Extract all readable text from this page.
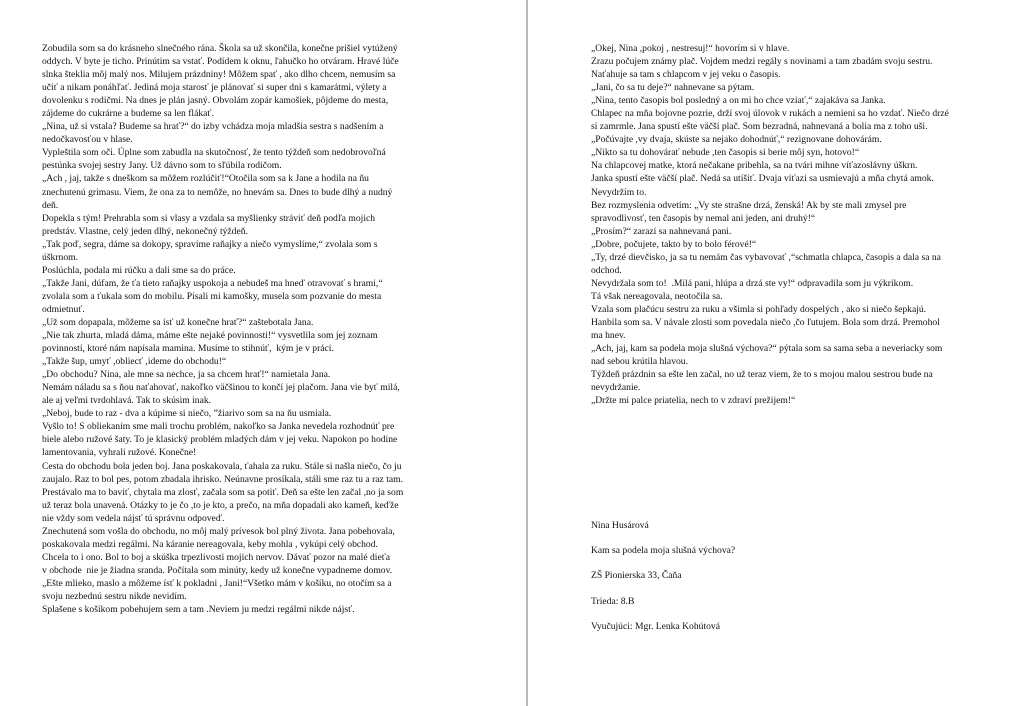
Zobudila som sa do krásneho slnečného rána. Škola sa už skončila, konečne prišiel vytúžený
oddych. V byte je ticho. Prinútim sa vstať. Podídem k oknu, ľahučko ho otváram. Hravé lúče
slnka šteklia môj malý nos. Milujem prázdniny! Môžem spať , ako dlho chcem, nemusím sa
učiť a nikam ponáhľať. Jediná moja starosť je plánovať si super dni s kamarátmi, výlety a
dovolenku s rodičmi. Na dnes je plán jasný. Obvolám zopár kamošiek, pôjdeme do mesta,
zájdeme do cukrárne a budeme sa len flákať.
„Nina, už si vstala? Budeme sa hrať?“ do izby vchádza moja mladšia sestra s nadšením a
nedočkavosťou v hlase.
Vypleštila som oči. Úplne som zabudla na skutočnosť, že tento týždeň som nedobrovoľná
pestúnka svojej sestry Jany. Už dávno som to sľúbila rodičom.
„Ach , jaj, takže s dneškom sa môžem rozlúčiť!“Otočila som sa k Jane a hodila na ňu
znechutenú grimasu. Viem, že ona za to nemôže, no hnevám sa. Dnes to bude dlhý a nudný
deň.
Dopekla s tým! Prehrabla som si vlasy a vzdala sa myšlienky stráviť deň podľa mojich
predstáv. Vlastne, celý jeden dlhý, nekonečný týždeň.
„Tak poď, segra, dáme sa dokopy, spravíme raňajky a niečo vymyslíme,“ zvolala som s
úškrnom.
Poslúchla, podala mi rúčku a dali sme sa do práce.
„Takže Jani, dúfam, že ťa tieto raňajky uspokoja a nebudeš ma hneď otravovať s hrami,“
zvolala som a ťukala som do mobilu. Písali mi kamošky, musela som pozvanie do mesta
odmietnuť.
„Už som dopapala, môžeme sa ísť už konečne hrať?“ zaštebotala Jana.
„Nie tak zhurta, mladá dáma, máme ešte nejaké povinnosti!“ vysvetlila som jej zoznam
povinností, ktoré nám napísala mamina. Musíme to stihnúť,  kým je v práci.
„Takže šup, umyť ,obliecť ,ideme do obchodu!“
„Do obchodu? Nina, ale mne sa nechce, ja sa chcem hrať!“ namietala Jana.
Nemám náladu sa s ňou naťahovať, nakoľko väčšinou to končí jej plačom. Jana vie byť milá,
ale aj veľmi tvrdohlavá. Tak to skúsim inak.
„Neboj, bude to raz - dva a kúpime si niečo, ”žiarivo som sa na ňu usmiala.
Vyšlo to! S obliekaním sme mali trochu problém, nakoľko sa Janka nevedela rozhodnúť pre
biele alebo ružové šaty. To je klasický problém mladých dám v jej veku. Napokon po hodine
lamentovania, vyhrali ružové. Konečne!
Cesta do obchodu bola jeden boj. Jana poskakovala, ťahala za ruku. Stále si našla niečo, čo ju
zaujalo. Raz to bol pes, potom zbadala ihrisko. Neúnavne prosíkala, stáli sme raz tu a raz tam.
Prestávalo ma to baviť, chytala ma zlosť, začala som sa potiť. Deň sa ešte len začal ,no ja som
už teraz bola unavená. Otázky to je čo ,to je kto, a prečo, na mňa dopadali ako kameň, keďže
nie vždy som vedela nájsť tú správnu odpoveď.
Znechutená som vošla do obchodu, no môj malý prívesok bol plný života. Jana pobehovala,
poskakovala medzi regálmi. Na káranie nereagovala, keby mohla , vykúpi celý obchod.
Chcela to i ono. Bol to boj a skúška trpezlivosti mojich nervov. Dávať pozor na malé dieťa
v obchode  nie je žiadna sranda. Počítala som minúty, kedy už konečne vypadneme domov.
„Ešte mlieko, maslo a môžeme ísť k pokladni , Jani!“Všetko mám v košíku, no otočím sa a
svoju nezbednú sestru nikde nevidím.
Splašene s košíkom pobehujem sem a tam .Neviem ju medzi regálmi nikde nájsť.
„Okej, Nina ,pokoj , nestresuj!“ hovorím si v hlave.
Zrazu počujem známy plač. Vojdem medzi regály s novinami a tam zbadám svoju sestru.
Naťahuje sa tam s chlapcom v jej veku o časopis.
„Jani, čo sa tu deje?“ nahnevane sa pýtam.
„Nina, tento časopis bol posledný a on mi ho chce vziať,“ zajakáva sa Janka.
Chlapec na mňa bojovne pozrie, drží svoj úlovok v rukách a nemieni sa ho vzdať. Niečo drzé
si zamrmle. Jana spustí ešte väčší plač. Som bezradná, nahnevaná a bolia ma z toho uši.
„Počúvajte ,vy dvaja, skúste sa nejako dohodnúť,“ rezignovane dohovárám.
„Nikto sa tu dohovárať nebude ,ten časopis si berie môj syn, hotovo!“
Na chlapcovej matke, ktorá nečakane pribehla, sa na tvári mihne víťazoslávny úškrn.
Janka spustí ešte väčší plač. Nedá sa utíšiť. Dvaja víťazi sa usmievajú a mňa chytá amok.
Nevydržím to.
Bez rozmyslenia odvetím: „Vy ste strašne drzá, ženská! Ak by ste mali zmysel pre
spravodlivosť, ten časopis by nemal ani jeden, ani druhý!“
„Prosím?“ zarazí sa nahnevaná pani.
„Dobre, počujete, takto by to bolo férové!“
„Ty, drzé dievčisko, ja sa tu nemám čas vybavovať ,“schmatla chlapca, časopis a dala sa na
odchod.
Nevydržala som to!  .Milá pani, hlúpa a drzá ste vy!“ odpravadila som ju výkrikom.
Tá však nereagovala, neotočila sa.
Vzala som plačúcu sestru za ruku a všimla si pohľady dospelých , ako si niečo šepkajú.
Hanbila som sa. V návale zlosti som povedala niečo ,čo ľutujem. Bola som drzá. Premohol
ma hnev.
„Ach, jaj, kam sa podela moja slušná výchova?“ pýtala som sa sama seba a neveriacky som
nad sebou krútila hlavou.
Týždeň prázdnin sa ešte len začal, no už teraz viem, že to s mojou malou sestrou bude na
nevydržanie.
„Držte mi palce priatelia, nech to v zdraví prežijem!“

Nina Husárová

Kam sa podela moja slušná výchova?

ZŠ Pionierska 33, Čaňa

Trieda: 8.B

Vyučujúci: Mgr. Lenka Kohútová
